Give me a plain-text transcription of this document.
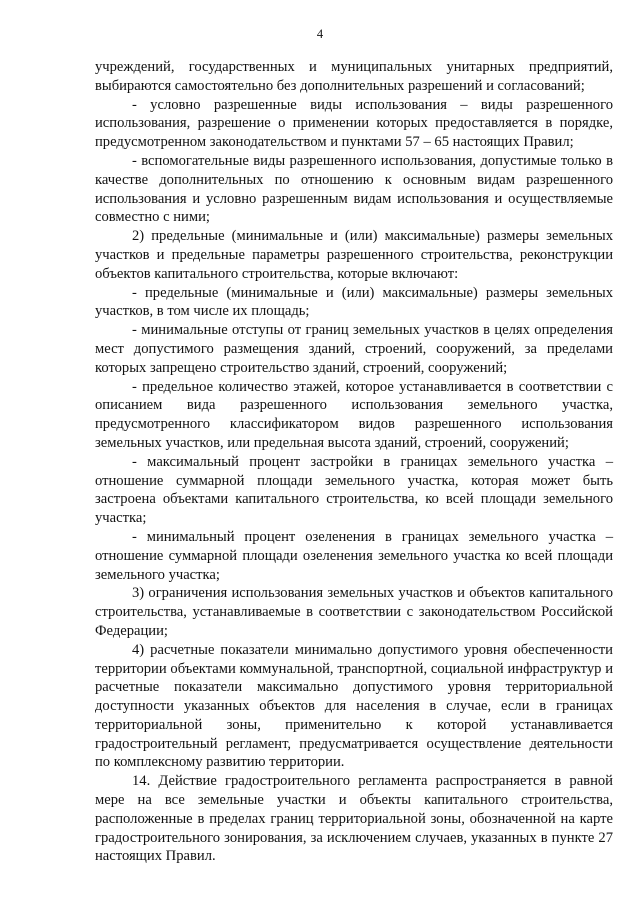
4

учреждений, государственных и муниципальных унитарных предприятий, выбираются самостоятельно без дополнительных разрешений и согласований;

- условно разрешенные виды использования – виды разрешенного использования, разрешение о применении которых предоставляется в порядке, предусмотренном законодательством и пунктами 57 – 65 настоящих Правил;

- вспомогательные виды разрешенного использования, допустимые только в качестве дополнительных по отношению к основным видам разрешенного использования и условно разрешенным видам использования и осуществляемые совместно с ними;

2) предельные (минимальные и (или) максимальные) размеры земельных участков и предельные параметры разрешенного строительства, реконструкции объектов капитального строительства, которые включают:

- предельные (минимальные и (или) максимальные) размеры земельных участков, в том числе их площадь;

- минимальные отступы от границ земельных участков в целях определения мест допустимого размещения зданий, строений, сооружений, за пределами которых запрещено строительство зданий, строений, сооружений;

- предельное количество этажей, которое устанавливается в соответствии с описанием вида разрешенного использования земельного участка, предусмотренного классификатором видов разрешенного использования земельных участков, или предельная высота зданий, строений, сооружений;

- максимальный процент застройки в границах земельного участка – отношение суммарной площади земельного участка, которая может быть застроена объектами капитального строительства, ко всей площади земельного участка;

- минимальный процент озеленения в границах земельного участка – отношение суммарной площади озеленения земельного участка ко всей площади земельного участка;

3) ограничения использования земельных участков и объектов капитального строительства, устанавливаемые в соответствии с законодательством Российской Федерации;

4) расчетные показатели минимально допустимого уровня обеспеченности территории объектами коммунальной, транспортной, социальной инфраструктур и расчетные показатели максимально допустимого уровня территориальной доступности указанных объектов для населения в случае, если в границах территориальной зоны, применительно к которой устанавливается градостроительный регламент, предусматривается осуществление деятельности по комплексному развитию территории.

14. Действие градостроительного регламента распространяется в равной мере на все земельные участки и объекты капитального строительства, расположенные в пределах границ территориальной зоны, обозначенной на карте градостроительного зонирования, за исключением случаев, указанных в пункте 27 настоящих Правил.
